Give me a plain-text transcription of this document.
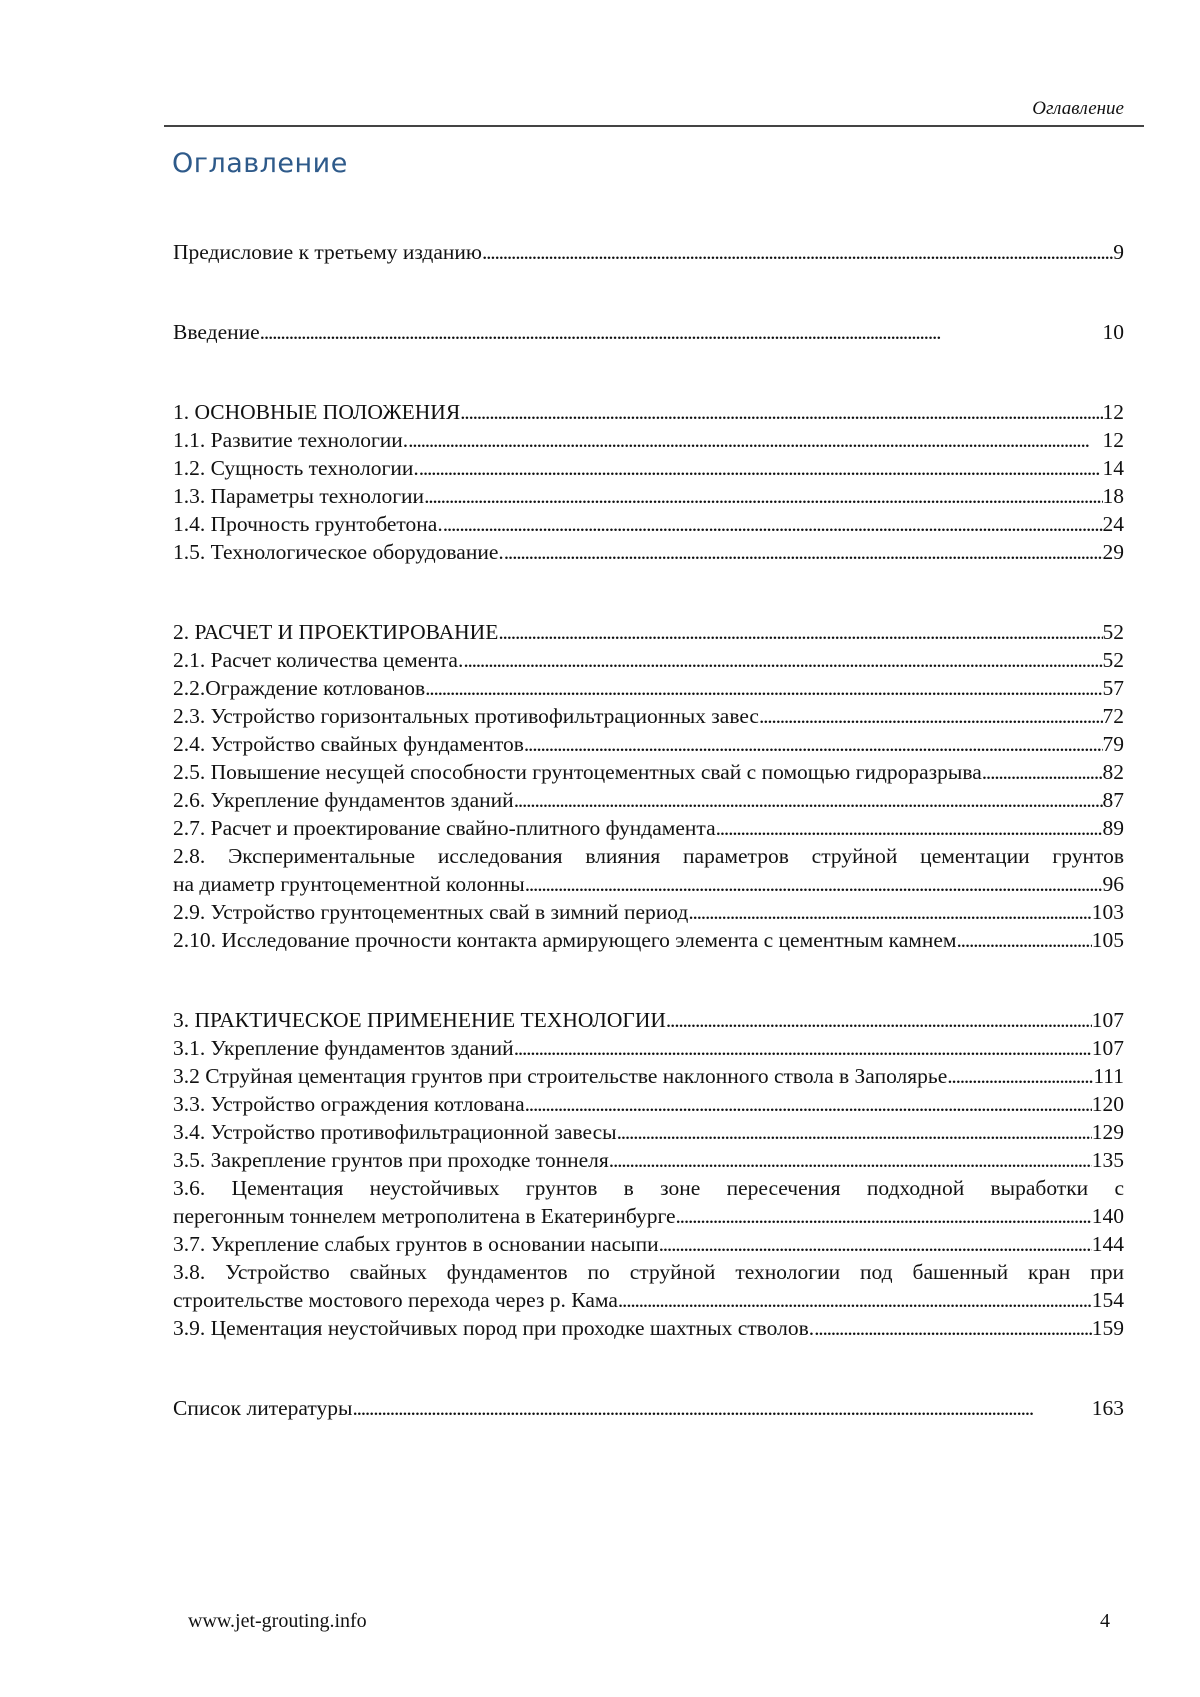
Оглавление
Оглавление
Предисловие к третьему изданию . . .	9
Введение . . .	10
1. ОСНОВНЫЕ ПОЛОЖЕНИЯ . . .	12
1.1. Развитие технологии. . . .	12
1.2. Сущность технологии. . . .	14
1.3. Параметры технологии . . .	18
1.4. Прочность грунтобетона. . . .	24
1.5. Технологическое оборудование. . . .	29
2. РАСЧЕТ И ПРОЕКТИРОВАНИЕ . . .	52
2.1. Расчет количества цемента. . . .	52
2.2.Ограждение котлованов . . .	57
2.3. Устройство горизонтальных противофильтрационных завес . . .	72
2.4. Устройство свайных фундаментов . . .	79
2.5. Повышение несущей способности грунтоцементных свай с помощью гидроразрыва . . .	82
2.6. Укрепление фундаментов зданий . . .	87
2.7. Расчет и проектирование свайно-плитного фундамента . . .	89
2.8. Экспериментальные исследования влияния параметров струйной цементации грунтов
на диаметр грунтоцементной колонны . . .	96
2.9. Устройство грунтоцементных свай в зимний период . . .	103
2.10. Исследование прочности контакта армирующего элемента с цементным камнем . . .	105
3. ПРАКТИЧЕСКОЕ ПРИМЕНЕНИЕ ТЕХНОЛОГИИ . . .	107
3.1. Укрепление фундаментов зданий . . .	107
3.2 Струйная цементация грунтов при строительстве наклонного ствола в Заполярье . . .	111
3.3. Устройство ограждения котлована . . .	120
3.4. Устройство противофильтрационной завесы . . .	129
3.5. Закрепление грунтов при проходке тоннеля . . .	135
3.6. Цементация неустойчивых грунтов в зоне пересечения подходной выработки с
перегонным тоннелем метрополитена в Екатеринбурге . . .	140
3.7. Укрепление слабых грунтов в основании насыпи . . .	144
3.8. Устройство свайных фундаментов по струйной технологии под башенный кран при
строительстве мостового перехода через р. Кама . . .	154
3.9. Цементация неустойчивых пород при проходке шахтных стволов. . . .	159
Список литературы . . .	163
www.jet-grouting.info	4
